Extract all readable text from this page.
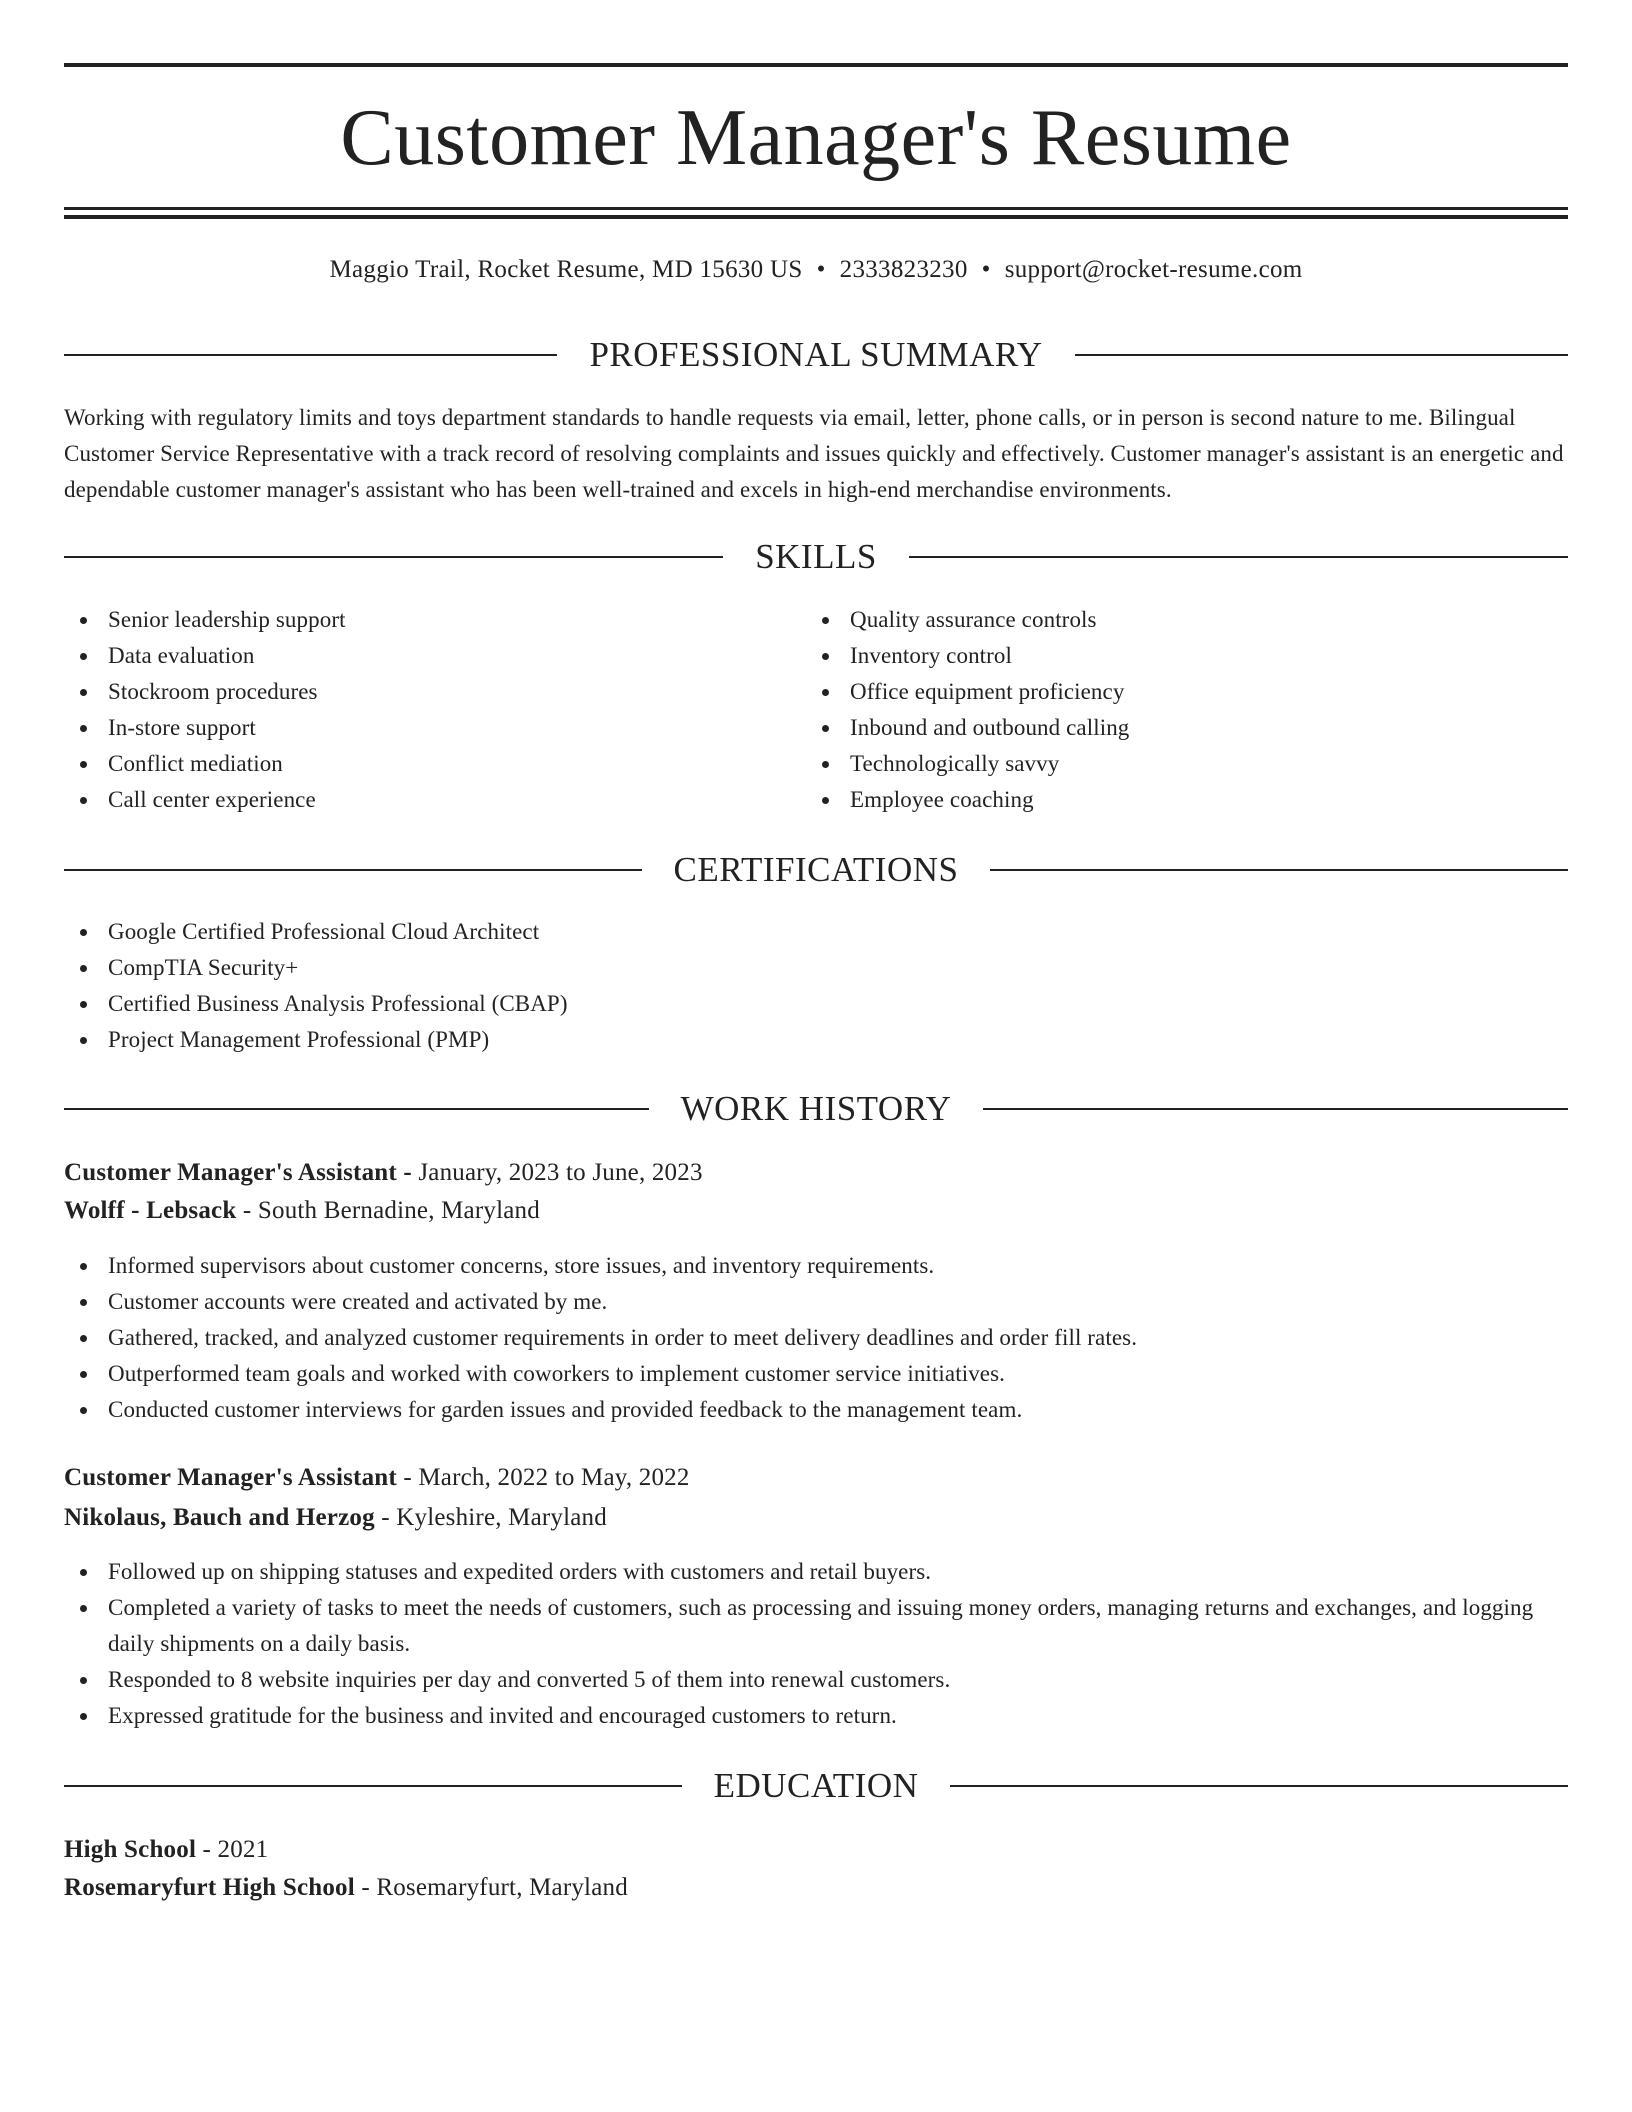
Customer Manager's Resume
Maggio Trail, Rocket Resume, MD 15630 US • 2333823230 • support@rocket-resume.com
PROFESSIONAL SUMMARY
Working with regulatory limits and toys department standards to handle requests via email, letter, phone calls, or in person is second nature to me. Bilingual Customer Service Representative with a track record of resolving complaints and issues quickly and effectively. Customer manager's assistant is an energetic and dependable customer manager's assistant who has been well-trained and excels in high-end merchandise environments.
SKILLS
Senior leadership support
Data evaluation
Stockroom procedures
In-store support
Conflict mediation
Call center experience
Quality assurance controls
Inventory control
Office equipment proficiency
Inbound and outbound calling
Technologically savvy
Employee coaching
CERTIFICATIONS
Google Certified Professional Cloud Architect
CompTIA Security+
Certified Business Analysis Professional (CBAP)
Project Management Professional (PMP)
WORK HISTORY
Customer Manager's Assistant - January, 2023 to June, 2023
Wolff - Lebsack - South Bernadine, Maryland
Informed supervisors about customer concerns, store issues, and inventory requirements.
Customer accounts were created and activated by me.
Gathered, tracked, and analyzed customer requirements in order to meet delivery deadlines and order fill rates.
Outperformed team goals and worked with coworkers to implement customer service initiatives.
Conducted customer interviews for garden issues and provided feedback to the management team.
Customer Manager's Assistant - March, 2022 to May, 2022
Nikolaus, Bauch and Herzog - Kyleshire, Maryland
Followed up on shipping statuses and expedited orders with customers and retail buyers.
Completed a variety of tasks to meet the needs of customers, such as processing and issuing money orders, managing returns and exchanges, and logging daily shipments on a daily basis.
Responded to 8 website inquiries per day and converted 5 of them into renewal customers.
Expressed gratitude for the business and invited and encouraged customers to return.
EDUCATION
High School - 2021
Rosemaryfurt High School - Rosemaryfurt, Maryland
